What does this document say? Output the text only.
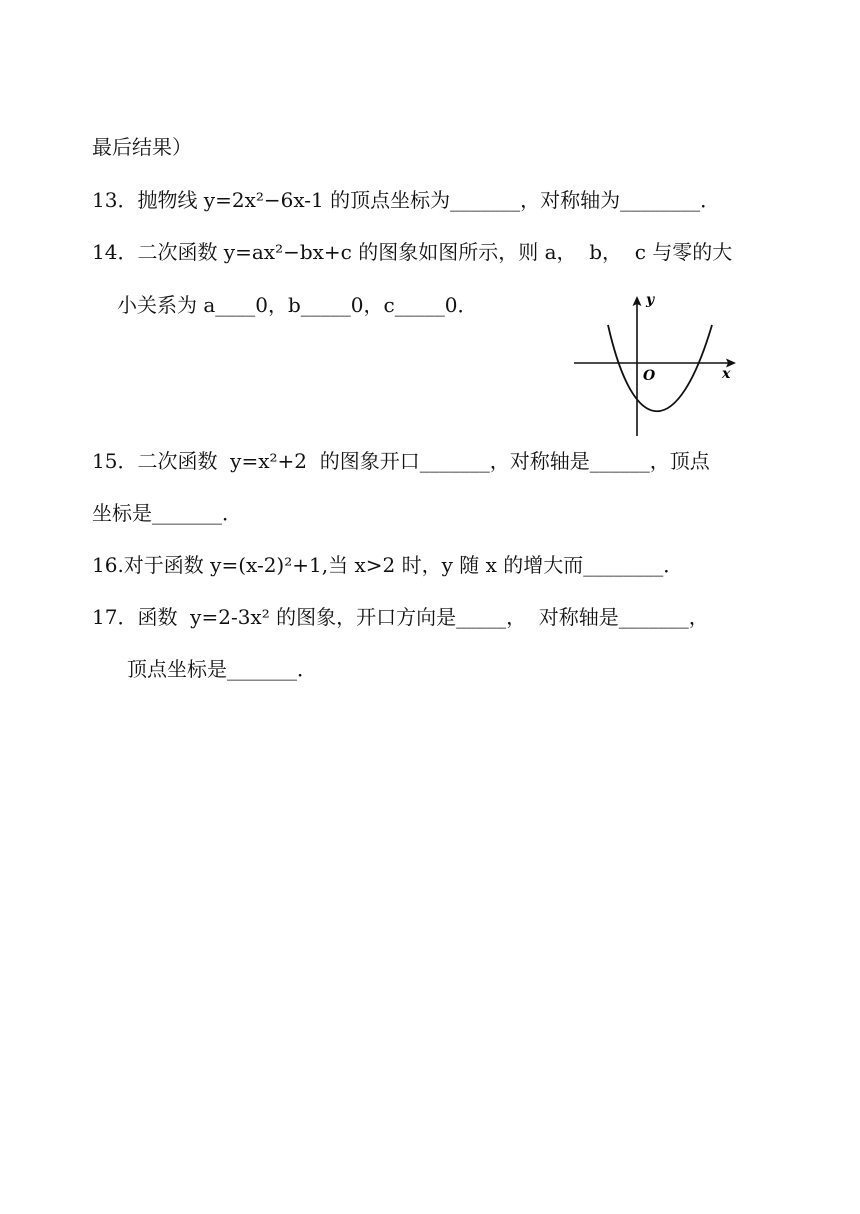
最后结果）
13．抛物线 y=2x²−6x-1 的顶点坐标为_______，对称轴为________．
14．二次函数 y=ax²−bx+c 的图象如图所示，则 a，  b，  c 与零的大
小关系为 a____0，b_____0，c_____0．	y
x
O
15．二次函数  y=x²+2  的图象开口_______，对称轴是______，顶点
坐标是_______．
16.对于函数 y=(x-2)²+1,当 x>2 时，y 随 x 的增大而________．
17．函数  y=2-3x² 的图象，开口方向是_____，  对称轴是_______，
顶点坐标是_______．
